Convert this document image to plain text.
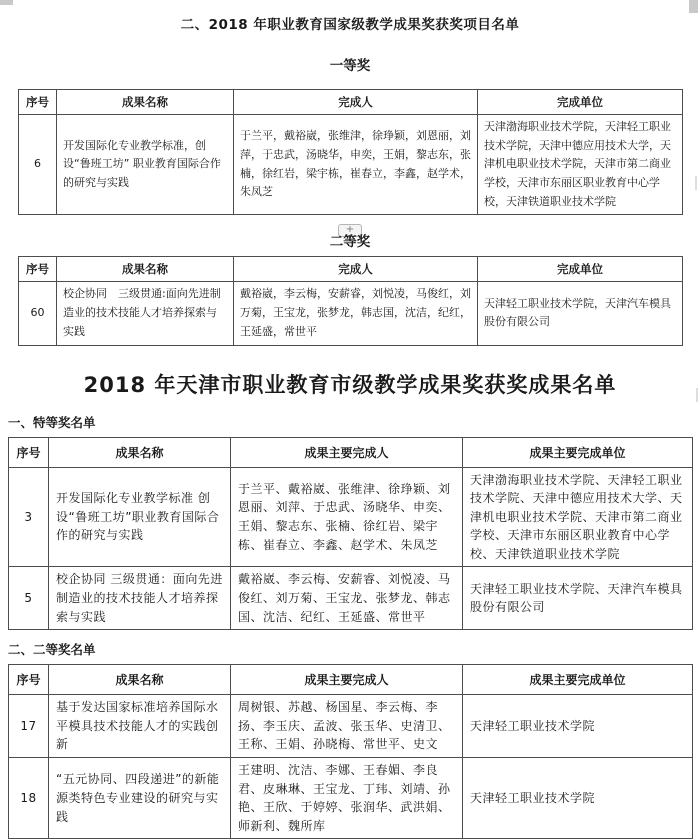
二、2018 年职业教育国家级教学成果奖获奖项目名单
一等奖
序号	成果名称	完成人	完成单位
6	开发国际化专业教学标准，创设“鲁班工坊” 职业教育国际合作的研究与实践	于兰平，戴裕崴，张维津，徐琤颖，刘恩丽，刘萍，于忠武，汤晓华，申奕，王娟，黎志东，张楠，徐红岩，梁宇栋，崔春立，李鑫，赵学术，朱凤芝	天津渤海职业技术学院，天津轻工职业技术学院，天津中德应用技术大学，天津机电职业技术学院，天津市第二商业学校，天津市东丽区职业教育中心学校，天津铁道职业技术学院
+
二等奖
序号	成果名称	完成人	完成单位
60	校企协同　三级贯通:面向先进制造业的技术技能人才培养探索与实践	戴裕崴，李云梅，安薪睿，刘悦凌，马俊红，刘万菊，王宝龙，张梦龙，韩志国，沈洁，纪红，王延盛，常世平	天津轻工职业技术学院，天津汽车模具股份有限公司
2018 年天津市职业教育市级教学成果奖获奖成果名单
一、特等奖名单
序号	成果名称	成果主要完成人	成果主要完成单位
3	开发国际化专业教学标准 创设“鲁班工坊”职业教育国际合作的研究与实践	于兰平、戴裕崴、张维津、徐琤颖、刘恩丽、刘萍、于忠武、汤晓华、申奕、王娟、黎志东、张楠、徐红岩、梁宇栋、崔春立、李鑫、赵学术、朱凤芝	天津渤海职业技术学院、天津轻工职业技术学院、天津中德应用技术大学、天津机电职业技术学院、天津市第二商业学校、天津市东丽区职业教育中心学校、天津铁道职业技术学院
5	校企协同 三级贯通：面向先进制造业的技术技能人才培养探索与实践	戴裕崴、李云梅、安薪睿、刘悦凌、马俊红、刘万菊、王宝龙、张梦龙、韩志国、沈洁、纪红、王延盛、常世平	天津轻工职业技术学院、天津汽车模具股份有限公司
二、二等奖名单
序号	成果名称	成果主要完成人	成果主要完成单位
17	基于发达国家标准培养国际水平模具技术技能人才的实践创新	周树银、苏越、杨国星、李云梅、李扬、李玉庆、孟波、张玉华、史清卫、王称、王娟、孙晓梅、常世平、史文	天津轻工职业技术学院
18	“五元协同、四段递进”的新能源类特色专业建设的研究与实践	王建明、沈洁、李娜、王春媚、李良君、皮琳琳、王宝龙、丁玮、刘靖、孙艳、王欣、于婷婷、张润华、武洪娟、师新利、魏所库	天津轻工职业技术学院
